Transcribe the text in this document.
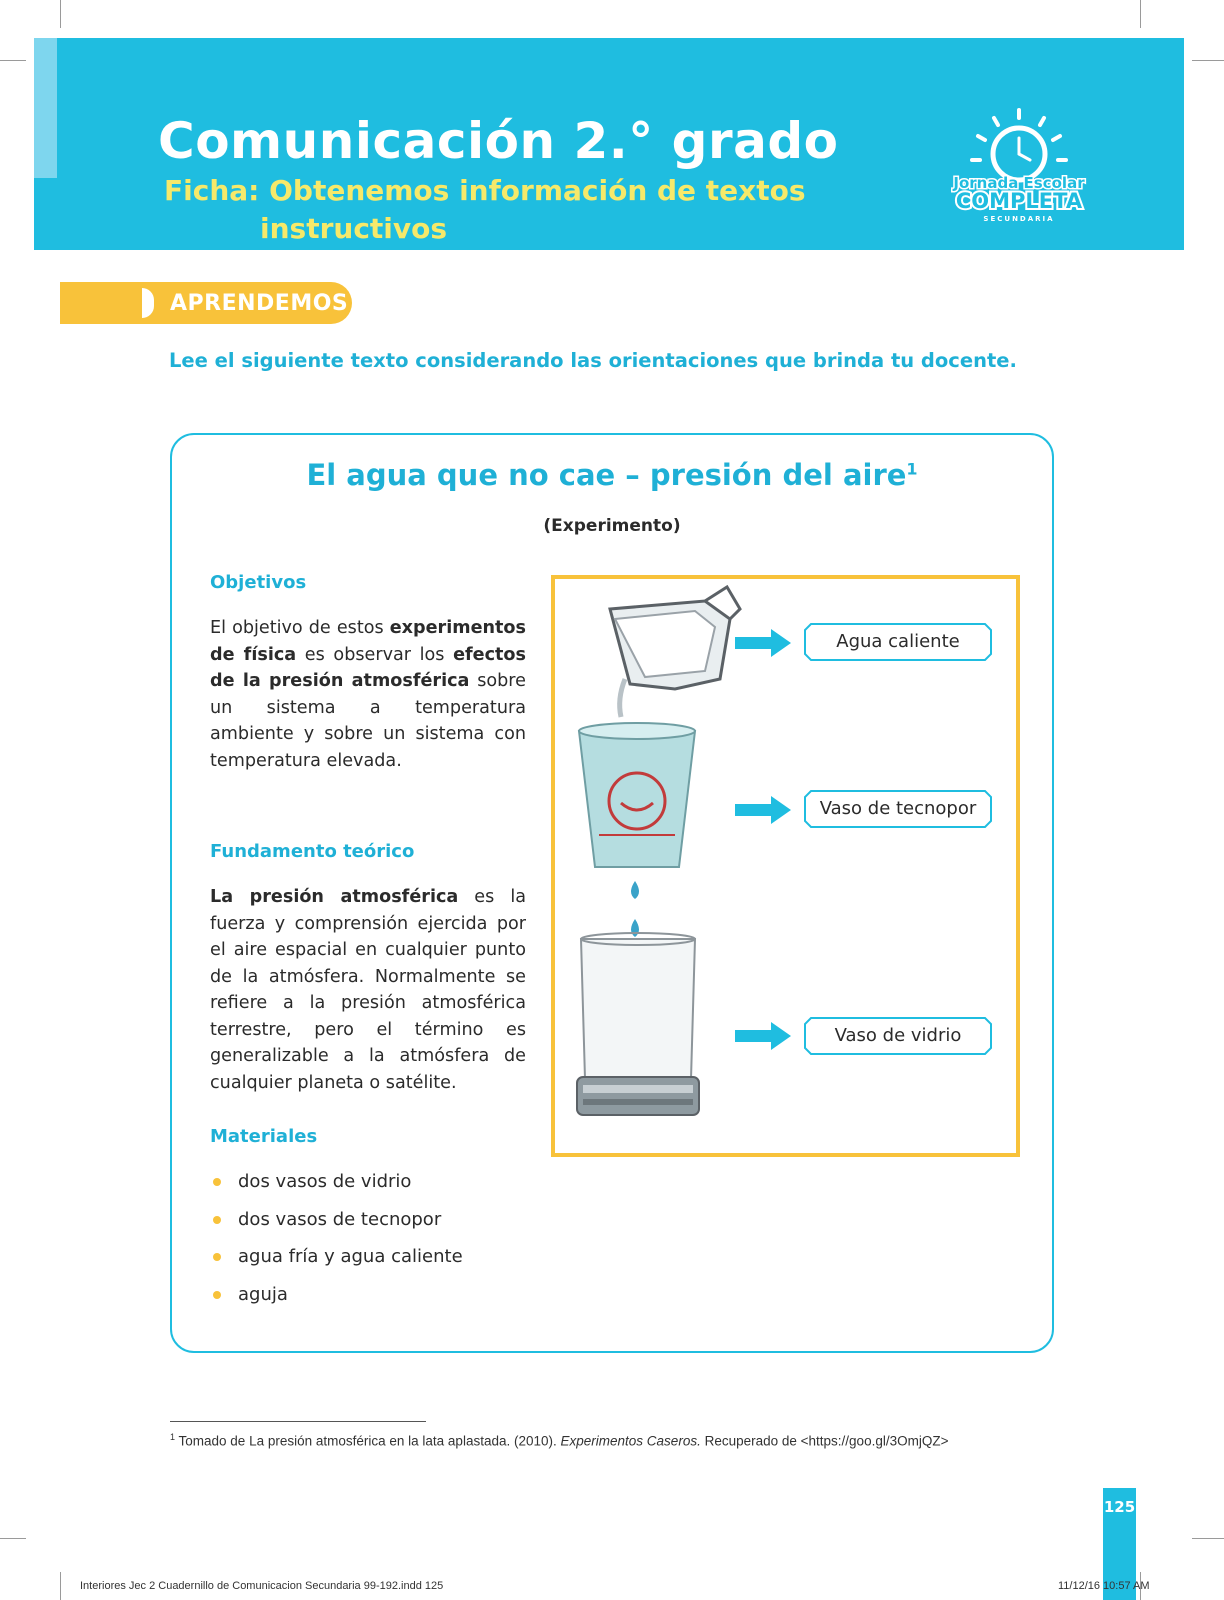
Comunicación 2.° grado
Ficha: Obtenemos información de textos
instructivos
Jornada Escolar
COMPLETA
SECUNDARIA
APRENDEMOS
Lee el siguiente texto considerando las orientaciones que brinda tu docente.
El agua que no cae – presión del aire$^1$
(Experimento)
Objetivos
El objetivo de estos experimentos de física es observar los efectos de la presión atmosférica sobre un sistema a temperatura ambiente y sobre un sistema con temperatura elevada.
Fundamento teórico
La presión atmosférica es la fuerza y comprensión ejercida por el aire espacial en cualquier punto de la atmósfera. Normalmente se refiere a la presión atmosférica terrestre, pero el término es generalizable a la atmósfera de cualquier planeta o satélite.
Materiales
dos vasos de vidrio
dos vasos de tecnopor
agua fría y agua caliente
aguja
Agua caliente
Vaso de tecnopor
Vaso de vidrio
$^1$ Tomado de La presión atmosférica en la lata aplastada. (2010). Experimentos Caseros. Recuperado de <https://goo.gl/3OmjQZ>
125
Interiores Jec 2 Cuadernillo de Comunicacion Secundaria 99-192.indd 125	11/12/16 10:57 AM
